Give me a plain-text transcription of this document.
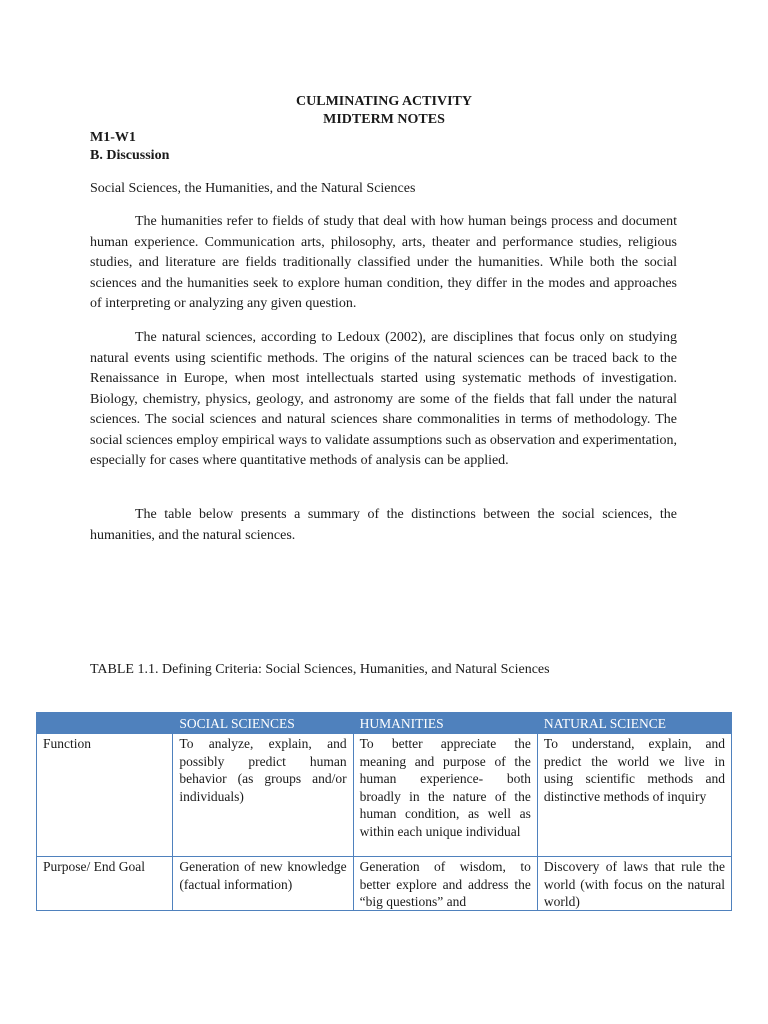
CULMINATING ACTIVITY
MIDTERM NOTES
M1-W1
B. Discussion
Social Sciences, the Humanities, and the Natural Sciences

The humanities refer to fields of study that deal with how human beings process and document human experience. Communication arts, philosophy, arts, theater and performance studies, religious studies, and literature are fields traditionally classified under the humanities. While both the social sciences and the humanities seek to explore human condition, they differ in the modes and approaches of interpreting or analyzing any given question.

The natural sciences, according to Ledoux (2002), are disciplines that focus only on studying natural events using scientific methods. The origins of the natural sciences can be traced back to the Renaissance in Europe, when most intellectuals started using systematic methods of investigation. Biology, chemistry, physics, geology, and astronomy are some of the fields that fall under the natural sciences. The social sciences and natural sciences share commonalities in terms of methodology. The social sciences employ empirical ways to validate assumptions such as observation and experimentation, especially for cases where quantitative methods of analysis can be applied.

The table below presents a summary of the distinctions between the social sciences, the humanities, and the natural sciences.

TABLE 1.1. Defining Criteria: Social Sciences, Humanities, and Natural Sciences
	SOCIAL SCIENCES	HUMANITIES	NATURAL SCIENCE
Function	To analyze, explain, and possibly predict human behavior (as groups and/or individuals)	To better appreciate the meaning and purpose of the human experience- both broadly in the nature of the human condition, as well as within each unique individual	To understand, explain, and predict the world we live in using scientific methods and distinctive methods of inquiry

Purpose/ End Goal	Generation of new knowledge (factual information)	Generation of wisdom, to better explore and address the “big questions” and	Discovery of laws that rule the world (with focus on the natural world)
